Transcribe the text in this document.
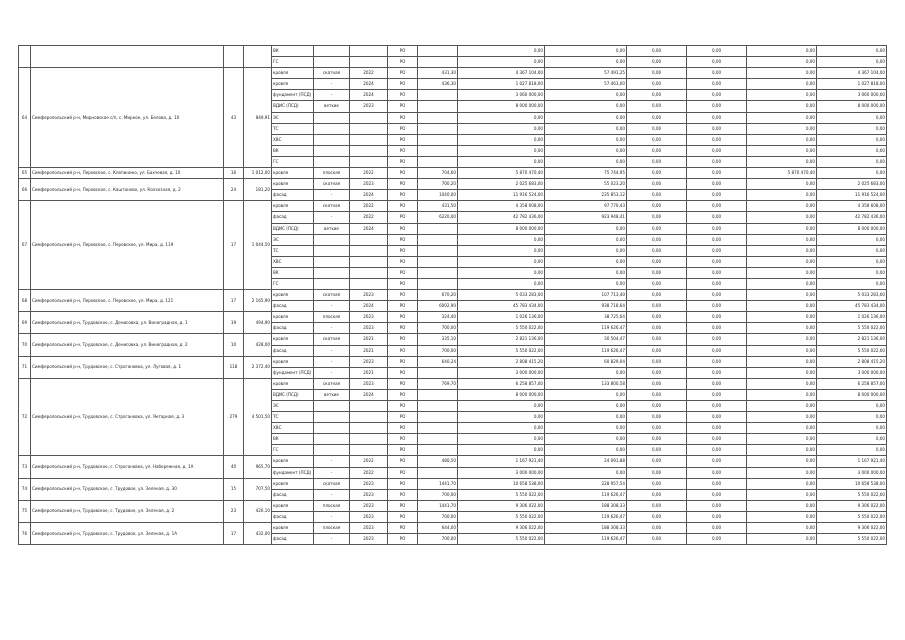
				ВК			РО		0,00	0,00	0,00	0,00	0,00	0,00
				ГС			РО		0,00	0,00	0,00	0,00	0,00	0,00
64	Симферопольский р-н, Мирновское с/п, с. Мирное, ул. Белова, д. 10	43	849,91	кровля	скатная	2022	РО	431,30	4 367 104,00	57 491,25	0,00	0,00	0,00	4 367 104,00
				кровля	-	2024	РО	436,30	1 027 818,00	57 463,00	0,00	0,00	0,00	1 027 818,00
				фундамент (ПСД)	-	2024	РО		3 060 000,00	0,00	0,00	0,00	0,00	3 060 000,00
				ВДИС (ПСД)	ветхие	2023	РО		8 000 000,00	0,00	0,00	0,00	0,00	8 000 000,00
				ЭС			РО		0,00	0,00	0,00	0,00	0,00	0,00
				ТС			РО		0,00	0,00	0,00	0,00	0,00	0,00
				ХВС			РО		0,00	0,00	0,00	0,00	0,00	0,00
				ВК			РО		0,00	0,00	0,00	0,00	0,00	0,00
				ГС			РО		0,00	0,00	0,00	0,00	0,00	0,00
65	Симферопольский р-н, Перовское, с. Клепинино, ул. Бахчевая, д. 10	16	1 012,00	кровля	плоская	2022	РО	704,60	5 870 470,40	75 744,95	0,00	0,00	5 870 470,40	0,00
66	Симферопольский р-н, Перовское, с. Каштаново, ул. Колхозная, д. 2	24	181,20	кровля	скатная	2023	РО	700,20	2 025 683,00	55 023,20	0,00	0,00	0,00	2 025 683,00
				фасад	-	2024	РО	1040,00	11 916 524,00	235 853,12	0,00	0,00	0,00	11 916 524,00
67	Симферопольский р-н, Перовское, с. Перовское, ул. Мира, д. 119	17	1 044,50	кровля	скатная	2022	РО	431,50	4 358 608,00	97 770,43	0,00	0,00	0,00	4 358 608,00
				фасад	-	2022	РО	6220,00	42 782 436,00	923 948,41	0,00	0,00	0,00	42 782 436,00
				ВДИС (ПСД)	ветхие	2024	РО		8 000 000,00	0,00	0,00	0,00	0,00	8 000 000,00
				ЭС			РО		0,00	0,00	0,00	0,00	0,00	0,00
				ТС			РО		0,00	0,00	0,00	0,00	0,00	0,00
				ХВС			РО		0,00	0,00	0,00	0,00	0,00	0,00
				ВК			РО		0,00	0,00	0,00	0,00	0,00	0,00
				ГС			РО		0,00	0,00	0,00	0,00	0,00	0,00
68	Симферопольский р-н, Перовское, с. Перовское, ул. Мира, д. 121	17	2 165,90	кровля	скатная	2023	РО	670,20	5 033 283,00	107 713,40	0,00	0,00	0,00	5 033 283,00
				фасад	-	2024	РО	6002,90	45 783 434,00	938 718,64	0,00	0,00	0,00	45 783 434,00
69	Симферопольский р-н, Трудовское, с. Денисовка, ул. Виноградная, д. 1	19	494,90	кровля	плоская	2023	РО	324,40	1 026 136,00	38 725,04	0,00	0,00	0,00	1 026 136,00
				фасад	-	2023	РО	700,00	5 550 022,00	119 626,47	0,00	0,00	0,00	5 550 022,00
70	Симферопольский р-н, Трудовское, с. Денисовка, ул. Виноградная, д. 2	10	428,00	кровля	скатная	2021	РО	335,10	2 821 136,00	30 504,47	0,00	0,00	0,00	2 821 136,00
				фасад	-	2021	РО	700,00	5 550 022,00	119 626,47	0,00	0,00	0,00	5 550 022,00
71	Симферопольский р-н, Трудовское, с. Строгановка, ул. Луговая, д. 1	118	2 372,40	кровля	-	2023	РО	640,24	2 808 415,20	60 829,04	0,00	0,00	0,00	2 808 415,20
				фундамент (ПСД)	-	2021	РО		3 000 000,00	0,00	0,00	0,00	0,00	3 000 000,00
72	Симферопольский р-н, Трудовское, с. Строгановка, ул. Янтарная, д. 3	279	4 501,50	кровля	скатная	2023	РО	769,70	6 258 857,00	133 800,58	0,00	0,00	0,00	6 258 857,00
				ВДИС (ПСД)	ветхие	2024	РО		8 000 000,00	0,00	0,00	0,00	0,00	8 000 000,00
				ЭС			РО		0,00	0,00	0,00	0,00	0,00	0,00
				ТС			РО		0,00	0,00	0,00	0,00	0,00	0,00
				ХВС			РО		0,00	0,00	0,00	0,00	0,00	0,00
				ВК			РО		0,00	0,00	0,00	0,00	0,00	0,00
				ГС			РО		0,00	0,00	0,00	0,00	0,00	0,00
73	Симферопольский р-н, Трудовское, с. Строгановка, ул. Набережная, д. 1А	40	965,70	кровля	-	2022	РО	480,50	1 167 921,40	24 091,88	0,00	0,00	0,00	1 167 921,40
				фундамент (ПСД)	-	2022	РО		3 000 000,00	0,00	0,00	0,00	0,00	3 000 000,00
74	Симферопольский р-н, Трудовское, с. Трудовое, ул. Зеленая, д. 30	15	707,50	кровля	скатная	2023	РО	1441,70	10 658 538,00	228 957,54	0,00	0,00	0,00	10 658 538,00
				фасад	-	2023	РО	700,00	5 550 022,00	119 626,47	0,00	0,00	0,00	5 550 022,00
75	Симферопольский р-н, Трудовское, с. Трудовое, ул. Зеленая, д. 2	23	426,10	кровля	плоская	2023	РО	1441,70	9 306 022,00	188 308,33	0,00	0,00	0,00	9 306 022,00
				фасад	-	2023	РО	700,00	5 550 022,00	119 626,47	0,00	0,00	0,00	5 550 022,00
76	Симферопольский р-н, Трудовское, с. Трудовое, ул. Зеленая, д. 1А	17	432,00	кровля	плоская	2023	РО	644,00	9 306 022,00	188 308,33	0,00	0,00	0,00	9 306 022,00
				фасад	-	2023	РО	700,00	5 550 022,00	119 626,47	0,00	0,00	0,00	5 550 022,00
